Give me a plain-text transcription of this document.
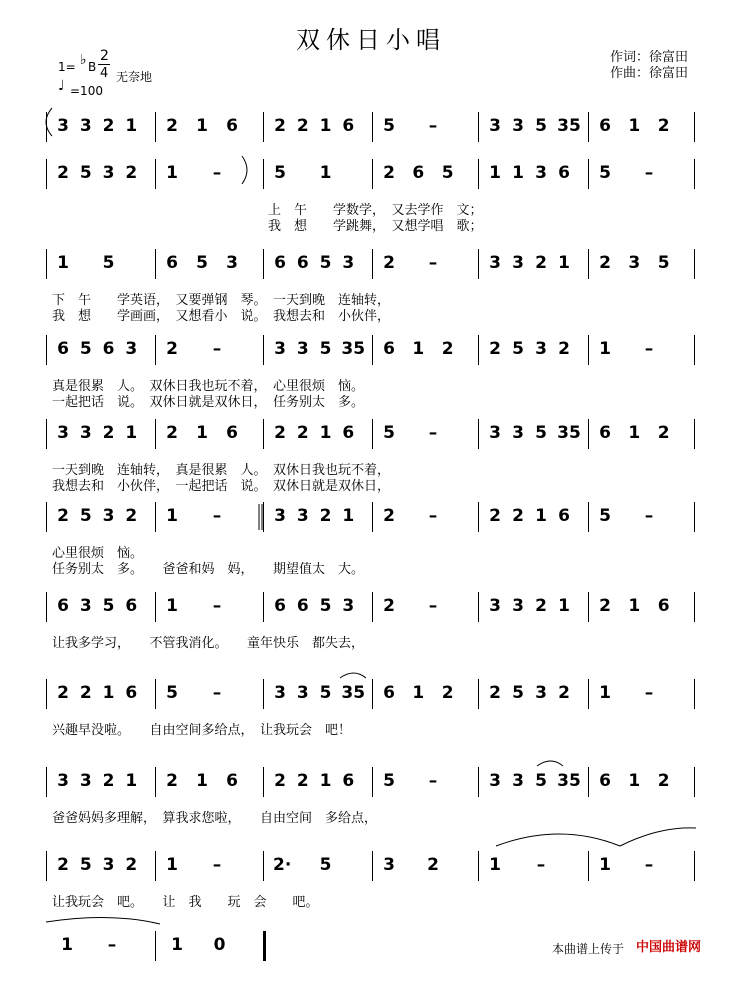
双休日小唱
作词：徐富田
作曲：徐富田
1= ♭ B
2
4 无奈地
♩ =100
3 3 2 1 2 1 6 2 2 1 6 5 –	3 3 5 35 6 1 2
2 5 3 2 1 –	5 1	2 6 5 1 1 3 6 5 –
上　午　　学数学，　又去学作　文；
我　想　　学跳舞，　又想学唱　歌；
1 5	6 5 3 6 6 5 3 2 –	3 3 2 1 2 3 5
下　午　　学英语，　又要弹钢　琴。　一天到晚　连轴转，
我　想　　学画画，　又想看小　说。　我想去和　小伙伴，
6 5 6 3 2 –	3 3 5 35 6 1 2 2 5 3 2 1 –
真是很累　人。　双休日我也玩不着，　心里很烦　恼。
一起把话　说。　双休日就是双休日，　任务别太　多。
3 3 2 1 2 1 6 2 2 1 6 5 –	3 3 5 35 6 1 2
一天到晚　连轴转，　真是很累　人。　双休日我也玩不着，
我想去和　小伙伴，　一起把话　说。　双休日就是双休日，
2 5 3 2 1 –	3 3 2 1 2 –	2 2 1 6 5 –
心里很烦　恼。
任务别太　多。　　爸爸和妈　妈，　　期望值太　大。
6 3 5 6 1 –	6 6 5 3 2 –	3 3 2 1 2 1 6
让我多学习，　　不管我消化。　　童年快乐　都失去，
2 2 1 6 5 –	3 3 5 35 6 1 2 2 5 3 2 1 –
兴趣早没啦。　　自由空间多给点，　让我玩会　吧！
3 3 2 1 2 1 6 2 2 1 6 5 –	3 3 5 35 6 1 2
爸爸妈妈多理解，　算我求您啦，　　自由空间　多给点，
2 5 3 2 1 –	2· 5	3 2	1 –	1 –
让我玩会　吧。　　让　我　　玩　会　　吧。
1 –	1 0	本曲谱上传于 中国曲谱网
